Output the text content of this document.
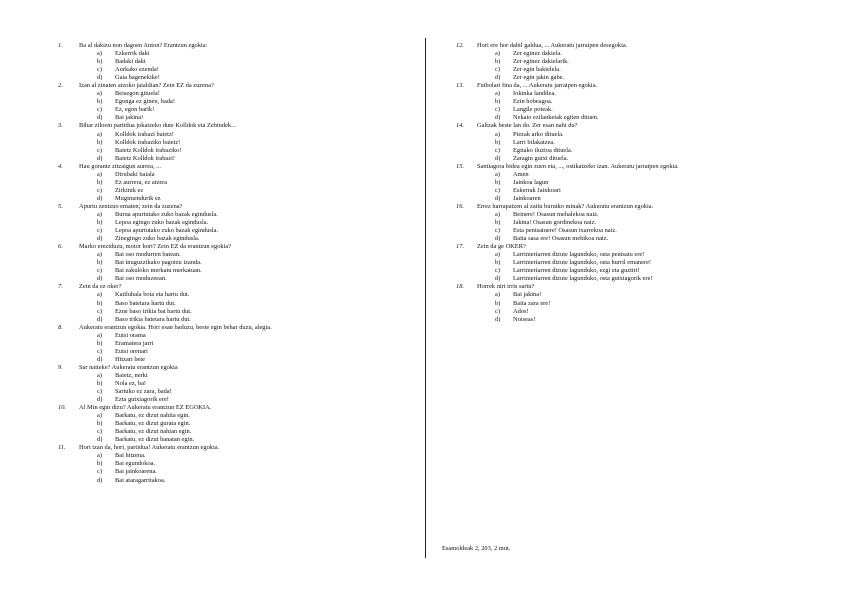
1.	Ba al dakizu non dagoen Anton? Erantzun egokia:
a)	Ezkerrik daki
b)	Badaki daki
c)	Aurkako ezenda!
d)	Gaia bagenekike!
2.	Izan al zinaten atzoko jaialdian? Zein EZ da zuzena?
a)	Beisegon gituela!
b)	Egonga ez ginen, bada!
c)	Ez, egon barik!
d)	Bai jakina!
3.	Bihar ziloem partidua jokatzeko dute Kolldok eta Zebindek...
a)	Kolldok irabazi baietz!
b)	Kolldok irabaziko baietz!
c)	Baietz Kolldok irabaziko!
d)	Baietz Kolldok irabazi!
4.	Hau gorantz zitzaigun aurrea, ...
a)	Dirubaki baiala
b)	Ez aurrera, ez atzera
c)	Zirkinik ez
d)	Mugimendurik ez
5.	Apurtu zentzuo ematen; zein da zuzena?
a)	Burua apurtutako zuko bazak egindusla.
b)	Lepoa egingo zuko bazak egindusla.
c)	Lepoa apurtutako zuko bazak egindusla.
d)	Zinegingo zuko bazak egindusla.
6.	Marko ereziduzu, motor hori? Zein EZ da erantzun egokia?
a)	Bai oso modurren batean.
b)	Bai inuguzzikako pagotzu izanda.
c)	Bai zakuloko merkatu merkatuan.
d)	Bai oso moduzeean.
7.	Zein da ez oker?
a)	Katiluhala bota eta hartu dut.
b)	Baso batetara hartu dut.
c)	Ezne baso trikia bat hartu dut.
d)	Baso trikia batetara hartu dut.
8.	Aukeratu erantzun egokia. Hori esan baduzu, beste egin behar duzu, alegia.
a)	Eutsi orama
b)	Eramatera jarri
c)	Eutsi orenari
d)	Hitzari bete
9.	Sar naiteke? Aukeratu erantzun egokia
a)	Baietz, nerki
b)	Nola ez, ba!
c)	Sartuko ez zara, bada!
d)	Ezta gutxiagorik ere!
10.	Al Min egin dizu? Aukeratu erantzun EZ EGOKIA.
a)	Barkatu, ez dizut nahita egin.
b)	Barkatu, ez dizut gurata egin.
c)	Barkatu, ez dizut nahian egin.
d)	Barkatu, ez dizut banatan egin.
11.	Hori izan da, hori, partidua! Aukeratu erantzun egokia.
a)	Bai hitzena.
b)	Bai egundokoa.
c)	Bai jainkoarena.
d)	Bai ataragarritakoa.
12.	Hori ere hor dabil galdua, ... Aukeratu jarraipen desegokia.
a)	Zer eginez dakiela.
b)	Zer eginez dakielarik.
c)	Zer egin bakielela.
d)	Zer egin jakin gabe.
13.	Futbolari fina da, ... Aukeratu jarraipen egokia.
a)	Iokinka landilea.
b)	Ezin hobeagoa.
c)	Langile poteak.
d)	Nekaio ezilanketak egiten dituen.
14.	Galtzak beste lan du. Zer esan nahi du?
a)	Piezak arko dituela.
b)	Larri bilakatzea.
c)	Egitako iluzioa dituela.
d)	Zaragin gutxi dituela.
15.	Santiagora bidea egin zuen eta, ..., ostikatzeko izan. Aukeratu jarraipen egokia.
a)	Amen
b)	Jainkoa lagun
c)	Eskerrak Jainkoari
d)	Jainkoaren
16.	Errez harrapatzen al zaitu burutko minak? Aukeratu erantzun egokia.
a)	Beinere! Osasun mehalekoa naiz.
b)	Jakina! Osasun gordinekoa naiz.
c)	Esta pentsatuere! Osasun txarrekoa naiz.
d)	Baita sasa ere! Osasun mehikoa naiz.
17.	Zein da ge OKER?
a)	Larrimeriarren dizute lagunduko, osta pentsatu ere!
b)	Larrimeriarren dizute lagunduko, osta hurril emanere!
c)	Larrimeriarren dizute lagunduko, ezgi eta guztiri!
d)	Larrimeriarren dizute lagunduko, osta gutxiagorik ere!
18.	Horrek nirt irris sartu?
a)	Bai jakina!
b)	Baita zara ere!
c)	Ados!
d)	Noiseas!
Esamoldeak 2, 203, 2 mut.
